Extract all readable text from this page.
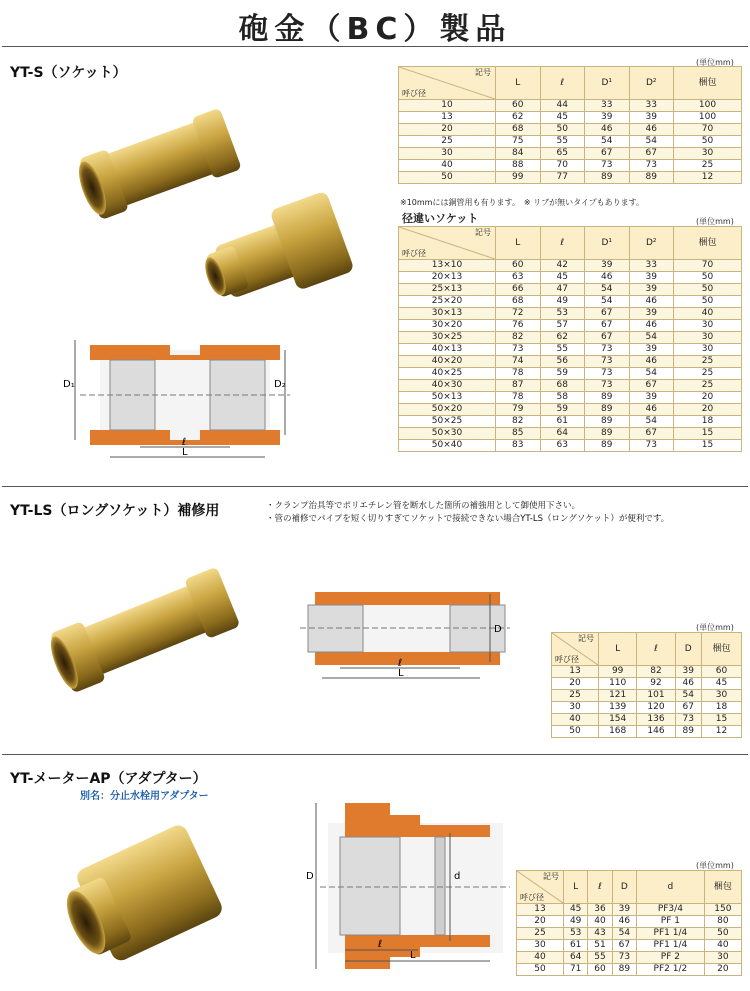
砲金（BC）製品
YT-S（ソケット）
D₁	D₂
ℓ
L
(単位mm)
記号
呼び径	L	ℓ	D¹	D²	梱包
10	60	44	33	33	100
13	62	45	39	39	100
20	68	50	46	46	70
25	75	55	54	54	50
30	84	65	67	67	30
40	88	70	73	73	25
50	99	77	89	89	12
※10mmには銅管用も有ります。　※ リブが無いタイプもあります。
径違いソケット	(単位mm)
記号
呼び径	L	ℓ	D¹	D²	梱包
13×10	60	42	39	33	70
20×13	63	45	46	39	50
25×13	66	47	54	39	50
25×20	68	49	54	46	50
30×13	72	53	67	39	40
30×20	76	57	67	46	30
30×25	82	62	67	54	30
40×13	73	55	73	39	30
40×20	74	56	73	46	25
40×25	78	59	73	54	25
40×30	87	68	73	67	25
50×13	78	58	89	39	20
50×20	79	59	89	46	20
50×25	82	61	89	54	18
50×30	85	64	89	67	15
50×40	83	63	89	73	15
YT-LS（ロングソケット）補修用	・クランプ治具等でポリエチレン管を断水した箇所の補強用として御使用下さい。
・管の補修でパイプを短く切りすぎてソケットで接続できない場合YT-LS（ロングソケット）が便利です。
D
ℓ
L
(単位mm)
記号
呼び径	L	ℓ	D	梱包
13	99	82	39	60
20	110	92	46	45
25	121	101	54	30
30	139	120	67	18
40	154	136	73	15
50	168	146	89	12
YT-メーターAP（アダプター）
別名：分止水栓用アダプター
D	d
ℓ
L
(単位mm)
記号
呼び径	L	ℓ	D	d	梱包
13	45	36	39	PF3/4	150
20	49	40	46	PF 1	80
25	53	43	54	PF1 1/4	50
30	61	51	67	PF1 1/4	40
40	64	55	73	PF 2	30
50	71	60	89	PF2 1/2	20
